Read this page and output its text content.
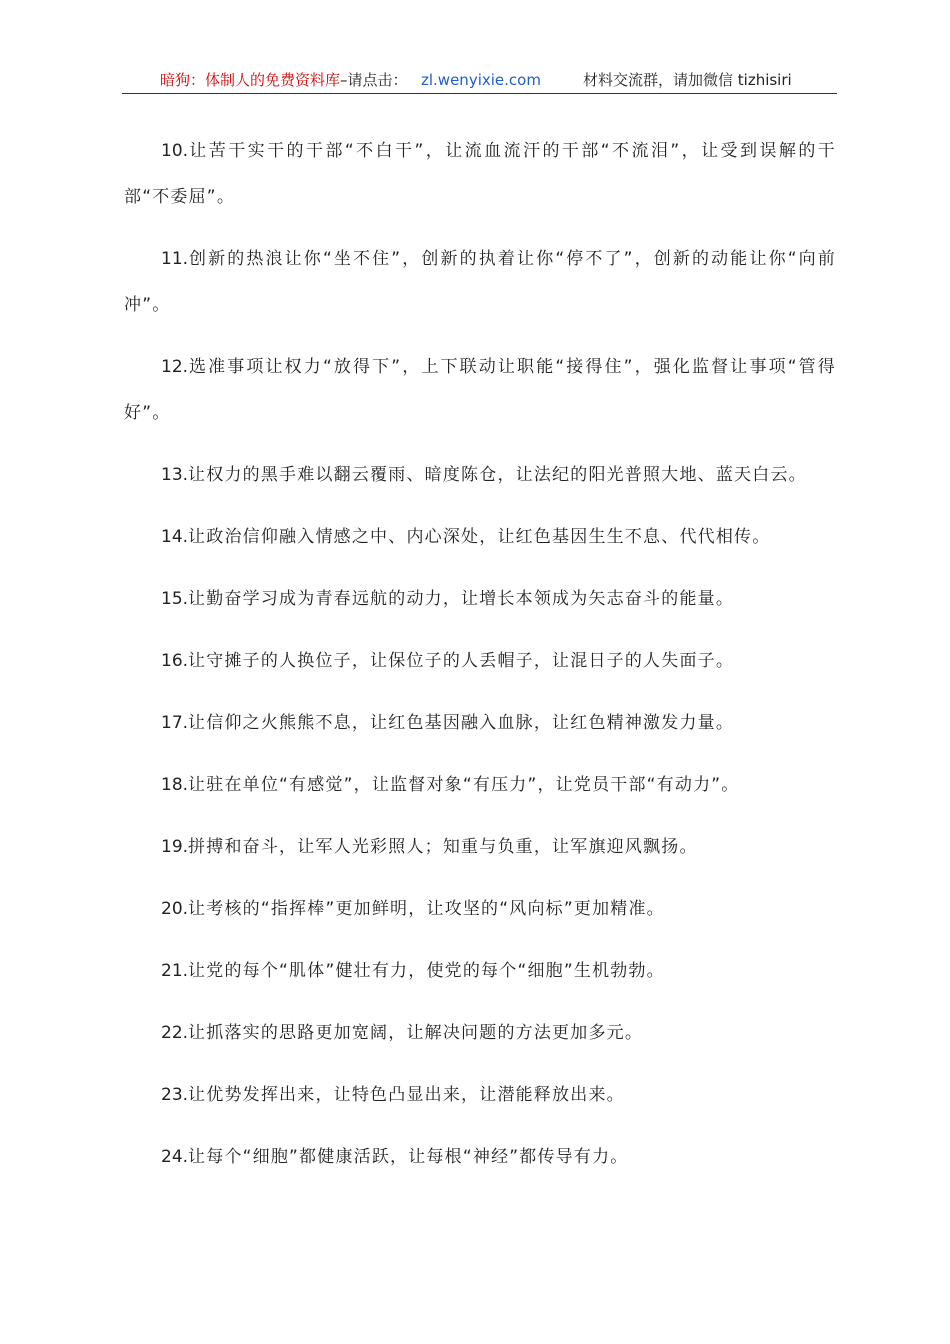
暗狗：体制人的免费资料库–请点击： zl.wenyixie.com	材料交流群，请加微信 tizhisiri

10.让苦干实干的干部“不白干”，让流血流汗的干部“不流泪”，让受到误解的干部“不委屈”。

11.创新的热浪让你“坐不住”，创新的执着让你“停不了”，创新的动能让你“向前冲”。

12.选准事项让权力“放得下”，上下联动让职能“接得住”，强化监督让事项“管得好”。

13.让权力的黑手难以翻云覆雨、暗度陈仓，让法纪的阳光普照大地、蓝天白云。

14.让政治信仰融入情感之中、内心深处，让红色基因生生不息、代代相传。

15.让勤奋学习成为青春远航的动力，让增长本领成为矢志奋斗的能量。

16.让守摊子的人换位子，让保位子的人丢帽子，让混日子的人失面子。

17.让信仰之火熊熊不息，让红色基因融入血脉，让红色精神激发力量。

18.让驻在单位“有感觉”，让监督对象“有压力”，让党员干部“有动力”。

19.拼搏和奋斗，让军人光彩照人；知重与负重，让军旗迎风飘扬。

20.让考核的“指挥棒”更加鲜明，让攻坚的“风向标”更加精准。

21.让党的每个“肌体”健壮有力，使党的每个“细胞”生机勃勃。

22.让抓落实的思路更加宽阔，让解决问题的方法更加多元。

23.让优势发挥出来，让特色凸显出来，让潜能释放出来。

24.让每个“细胞”都健康活跃，让每根“神经”都传导有力。
